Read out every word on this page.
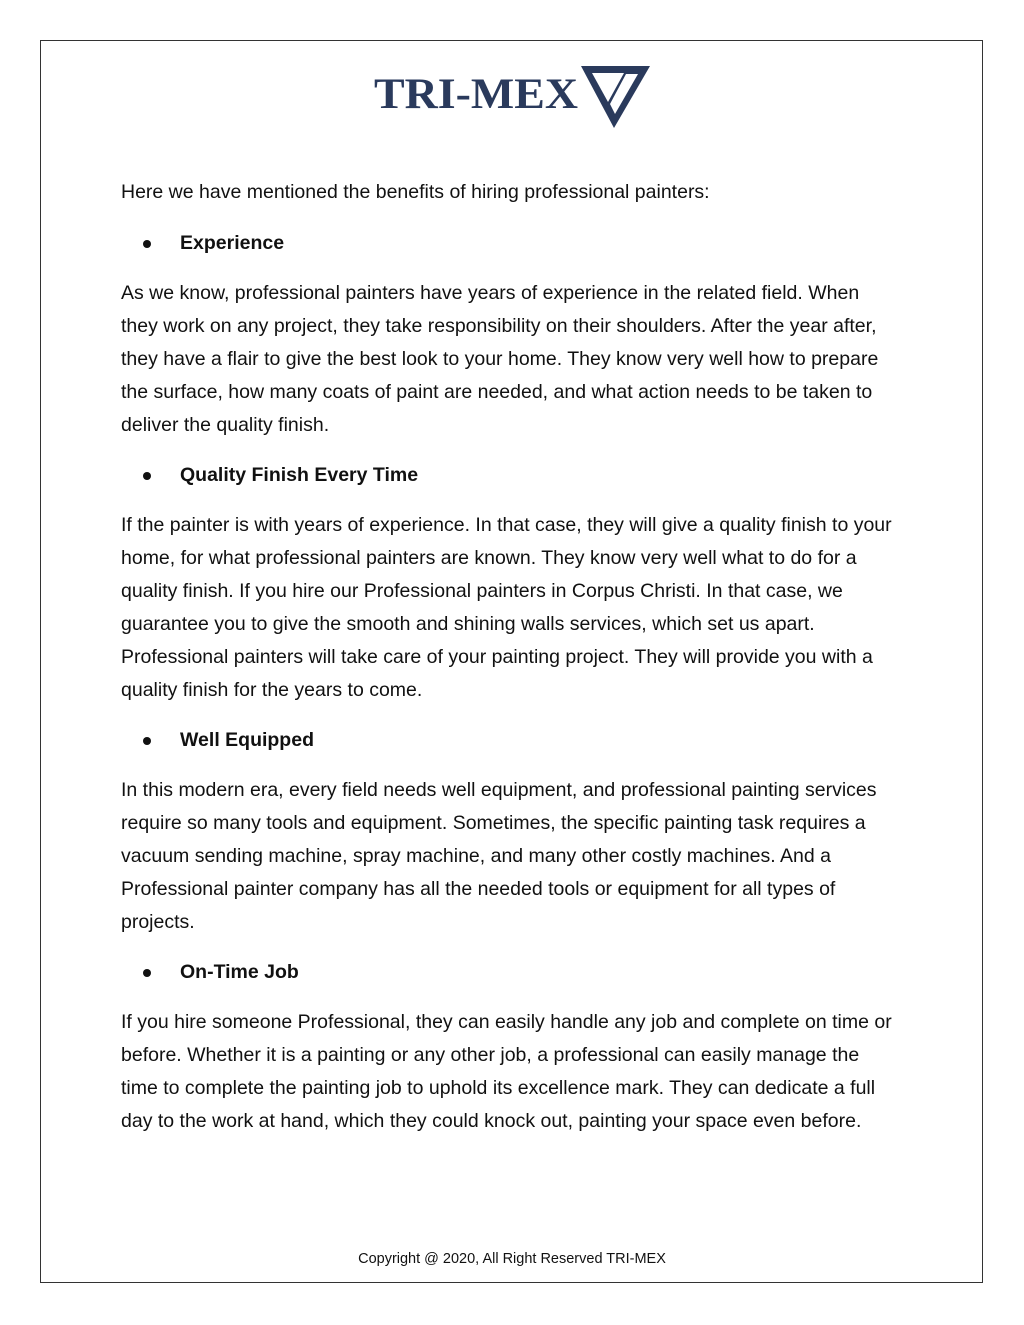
TRI-MEX

Here we have mentioned the benefits of hiring professional painters:

Experience

As we know, professional painters have years of experience in the related field. When they work on any project, they take responsibility on their shoulders. After the year after, they have a flair to give the best look to your home. They know very well how to prepare the surface, how many coats of paint are needed, and what action needs to be taken to deliver the quality finish.

Quality Finish Every Time

If the painter is with years of experience. In that case, they will give a quality finish to your home, for what professional painters are known. They know very well what to do for a quality finish. If you hire our Professional painters in Corpus Christi. In that case, we guarantee you to give the smooth and shining walls services, which set us apart. Professional painters will take care of your painting project. They will provide you with a quality finish for the years to come.

Well Equipped

In this modern era, every field needs well equipment, and professional painting services require so many tools and equipment. Sometimes, the specific painting task requires a vacuum sending machine, spray machine, and many other costly machines. And a Professional painter company has all the needed tools or equipment for all types of projects.

On-Time Job

If you hire someone Professional, they can easily handle any job and complete on time or before. Whether it is a painting or any other job, a professional can easily manage the time to complete the painting job to uphold its excellence mark. They can dedicate a full day to the work at hand, which they could knock out, painting your space even before.

Copyright @ 2020, All Right Reserved TRI-MEX
